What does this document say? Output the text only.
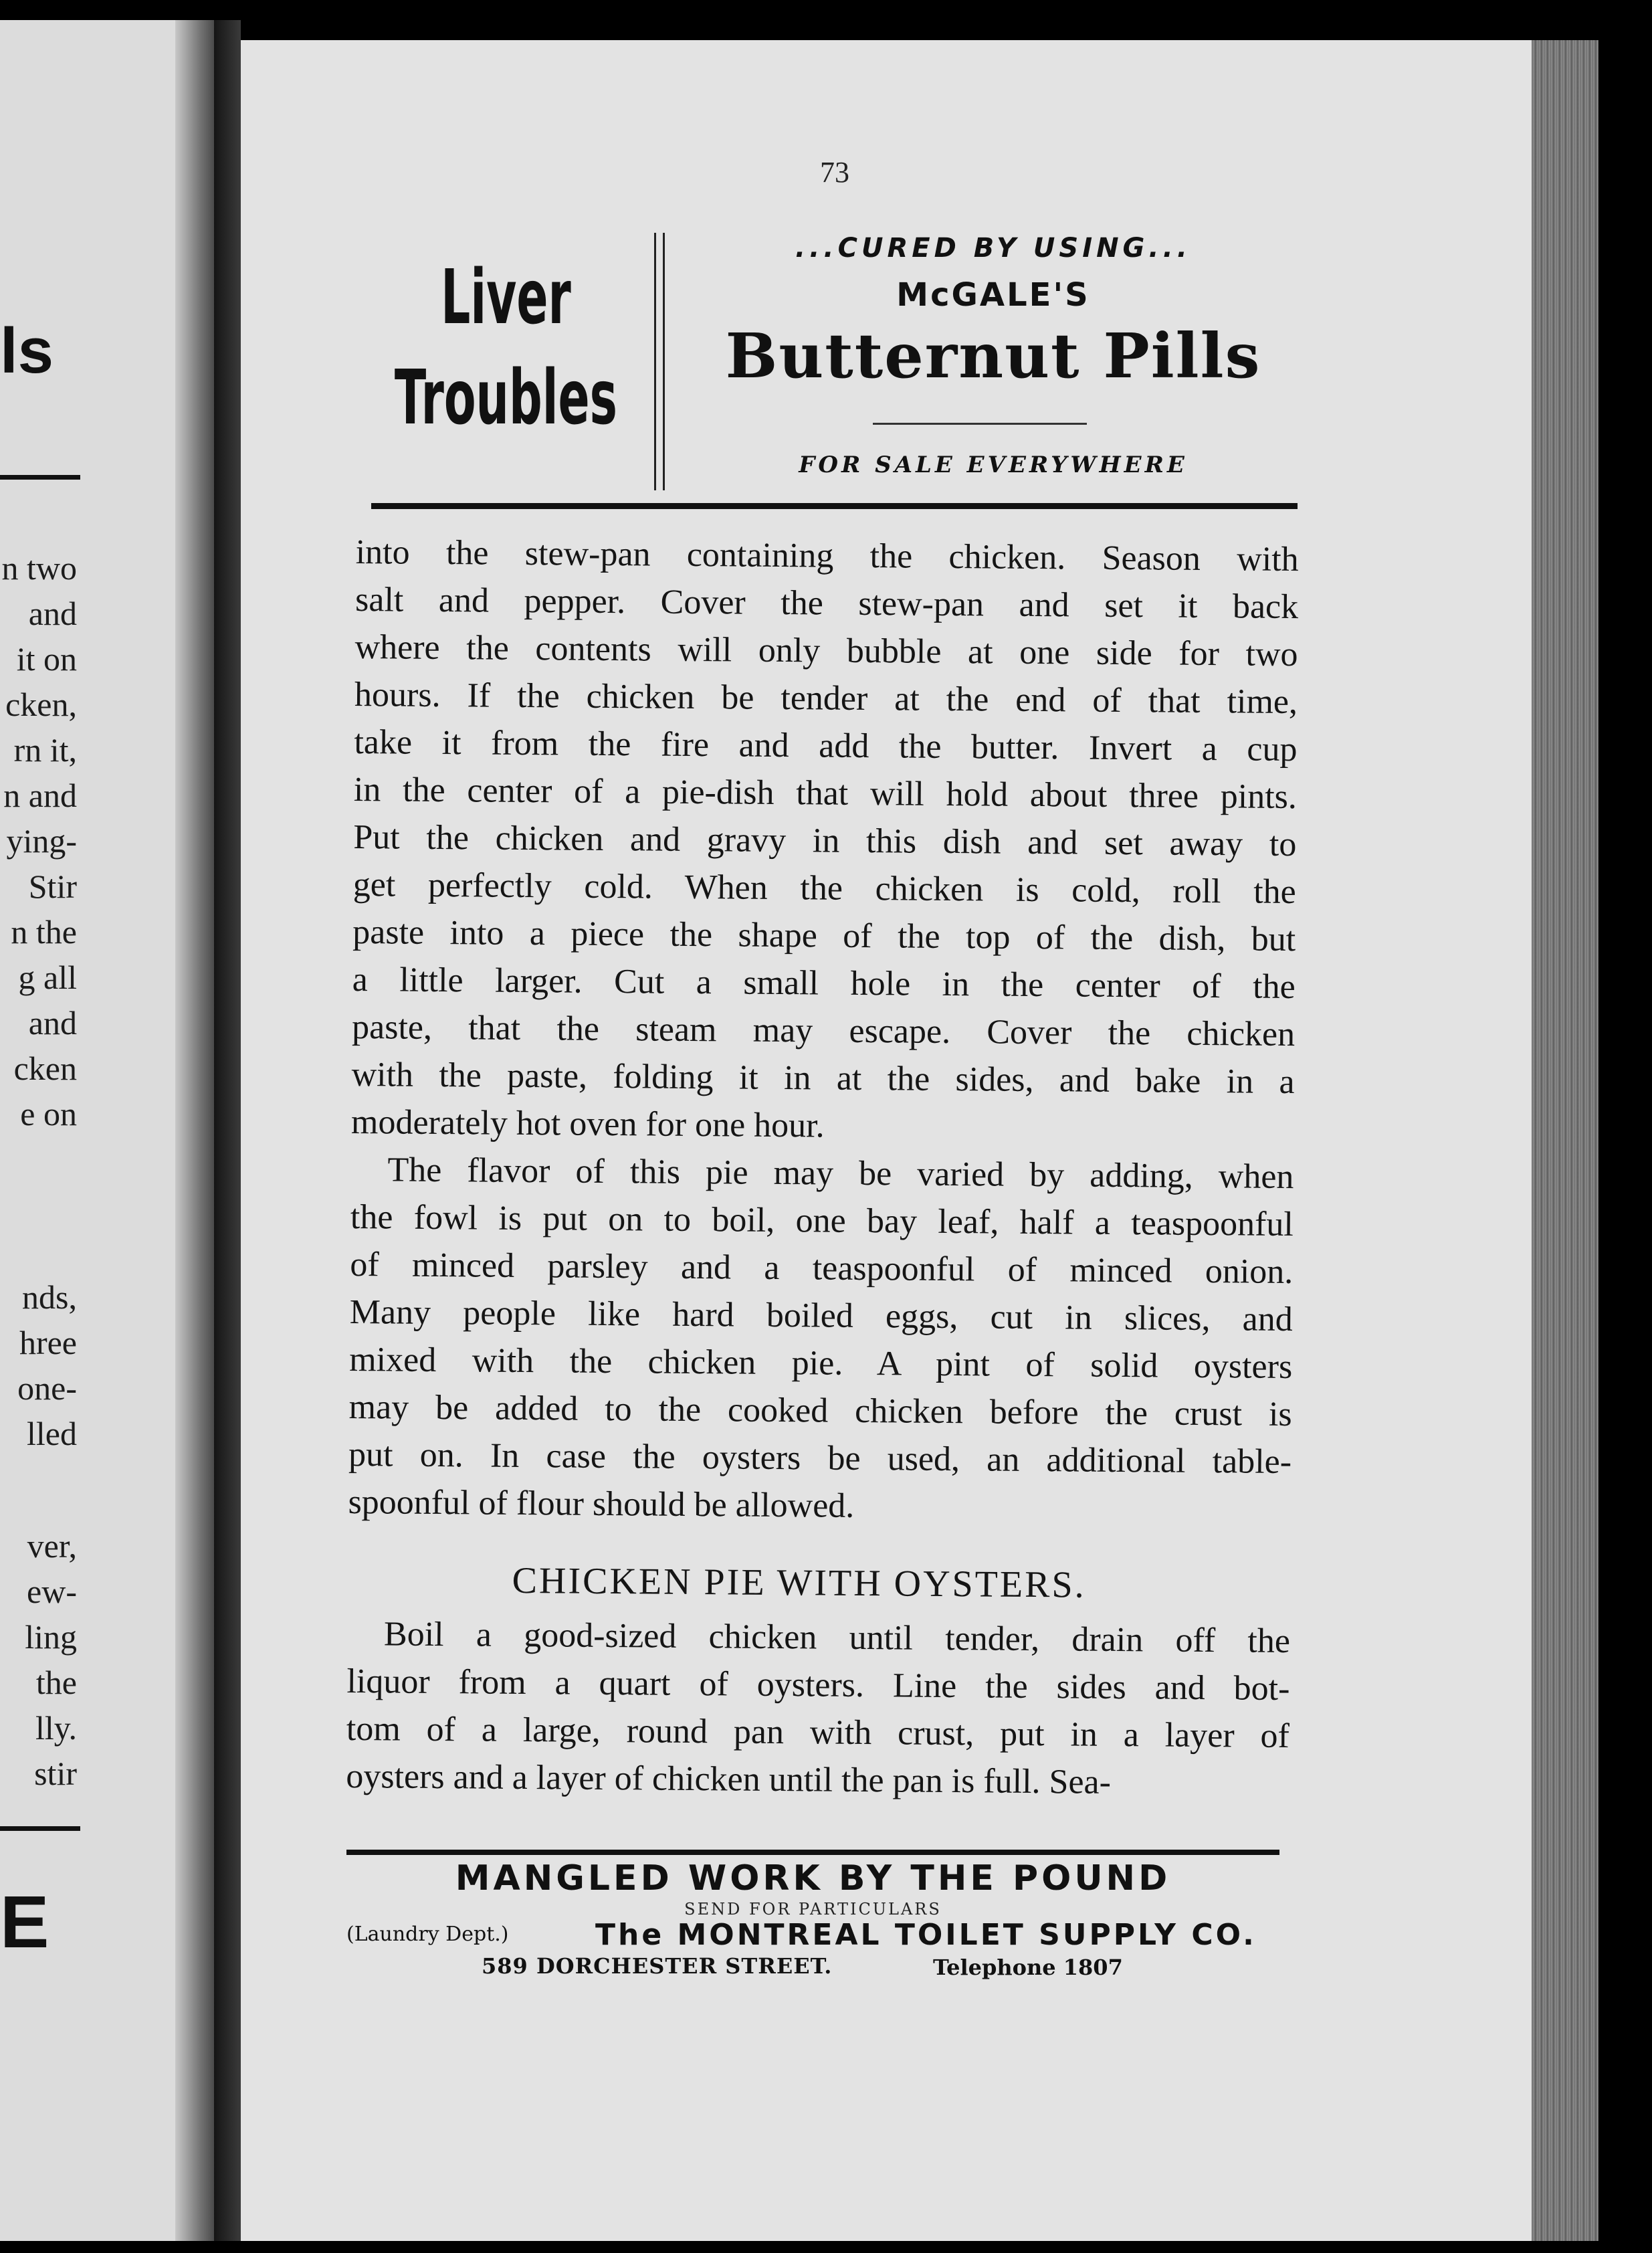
ls
n two
and
it on
cken,
rn it,
n and
ying-
Stir
n the
g all
and
cken
e on
nds,
hree
one-
lled
ver,
ew-
ling
the
lly.
stir
E
73
Liver
Troubles
...CURED BY USING...
McGALE'S
Butternut Pills
FOR SALE EVERYWHERE
into the stew-pan containing the chicken. Season with
salt and pepper. Cover the stew-pan and set it back
where the contents will only bubble at one side for two
hours. If the chicken be tender at the end of that time,
take it from the fire and add the butter. Invert a cup
in the center of a pie-dish that will hold about three pints.
Put the chicken and gravy in this dish and set away to
get perfectly cold. When the chicken is cold, roll the
paste into a piece the shape of the top of the dish, but
a little larger. Cut a small hole in the center of the
paste, that the steam may escape. Cover the chicken
with the paste, folding it in at the sides, and bake in a
moderately hot oven for one hour.
The flavor of this pie may be varied by adding, when
the fowl is put on to boil, one bay leaf, half a teaspoonful
of minced parsley and a teaspoonful of minced onion.
Many people like hard boiled eggs, cut in slices, and
mixed with the chicken pie. A pint of solid oysters
may be added to the cooked chicken before the crust is
put on. In case the oysters be used, an additional table-
spoonful of flour should be allowed.
CHICKEN PIE WITH OYSTERS.
Boil a good-sized chicken until tender, drain off the
liquor from a quart of oysters. Line the sides and bot-
tom of a large, round pan with crust, put in a layer of
oysters and a layer of chicken until the pan is full. Sea-
MANGLED WORK BY THE POUND
SEND FOR PARTICULARS
(Laundry Dept.)	The MONTREAL TOILET SUPPLY CO.
589 DORCHESTER STREET.	Telephone 1807
